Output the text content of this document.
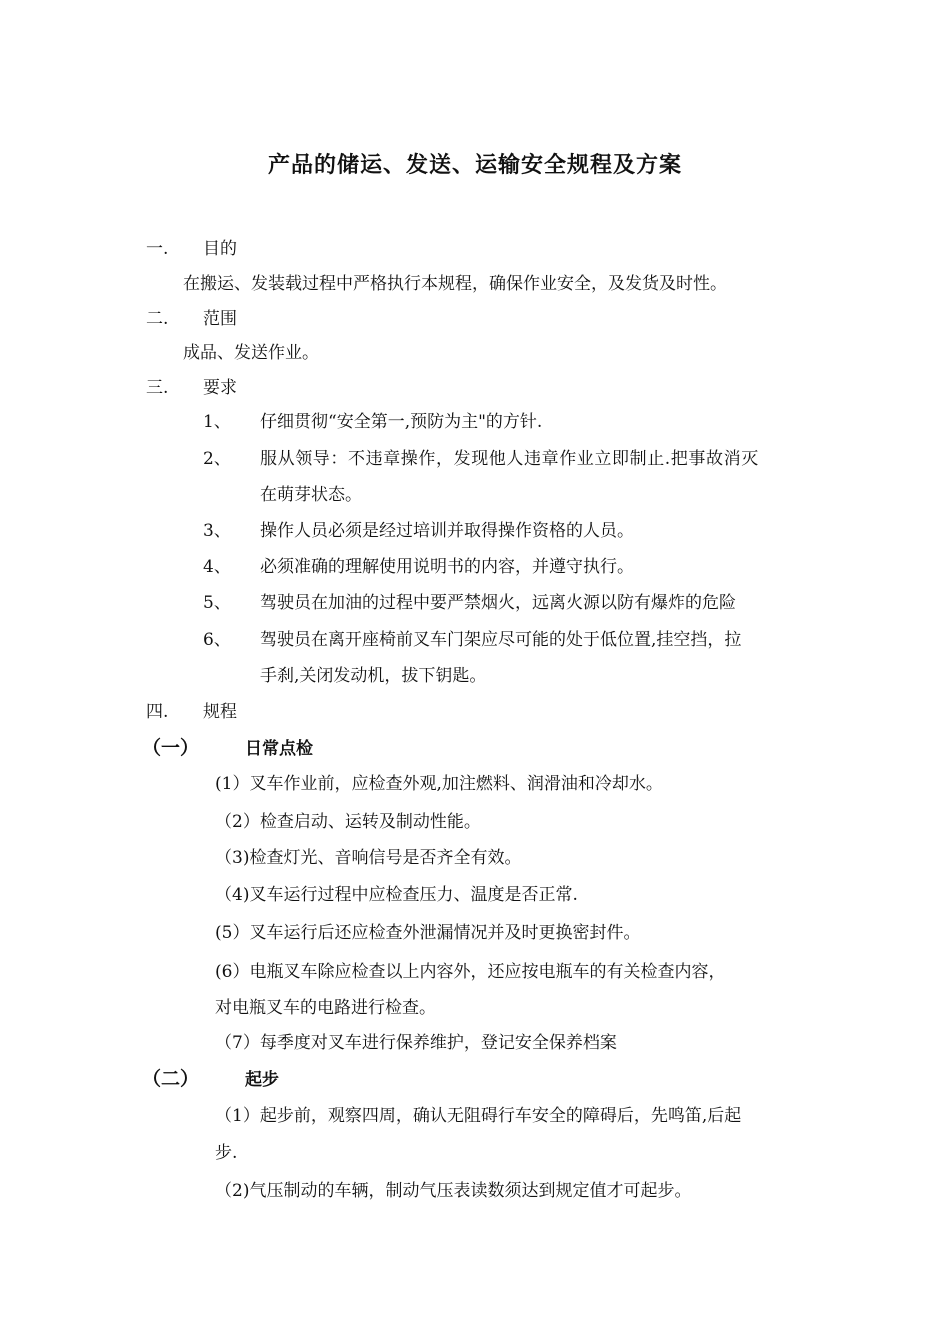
产品的储运、发送、运输安全规程及方案
一. 目的
在搬运、发装载过程中严格执行本规程，确保作业安全，及发货及时性。
二. 范围
成品、发送作业。
三. 要求
1、 仔细贯彻“安全第一,预防为主"的方针.
2、 服从领导：不违章操作，发现他人违章作业立即制止.把事故消灭
在萌芽状态。
3、 操作人员必须是经过培训并取得操作资格的人员。
4、 必须准确的理解使用说明书的内容，并遵守执行。
5、 驾驶员在加油的过程中要严禁烟火，远离火源以防有爆炸的危险
6、 驾驶员在离开座椅前叉车门架应尽可能的处于低位置,挂空挡，拉
手刹,关闭发动机，拔下钥匙。
四. 规程
（一）	日常点检
(1）叉车作业前，应检查外观,加注燃料、润滑油和冷却水。
（2）检查启动、运转及制动性能。
（3)检查灯光、音响信号是否齐全有效。
（4)叉车运行过程中应检查压力、温度是否正常.
(5）叉车运行后还应检查外泄漏情况并及时更换密封件。
(6）电瓶叉车除应检查以上内容外，还应按电瓶车的有关检查内容，
对电瓶叉车的电路进行检查。
（7）每季度对叉车进行保养维护，登记安全保养档案
（二）	起步
（1）起步前，观察四周，确认无阻碍行车安全的障碍后，先鸣笛,后起
步.
（2)气压制动的车辆，制动气压表读数须达到规定值才可起步。
